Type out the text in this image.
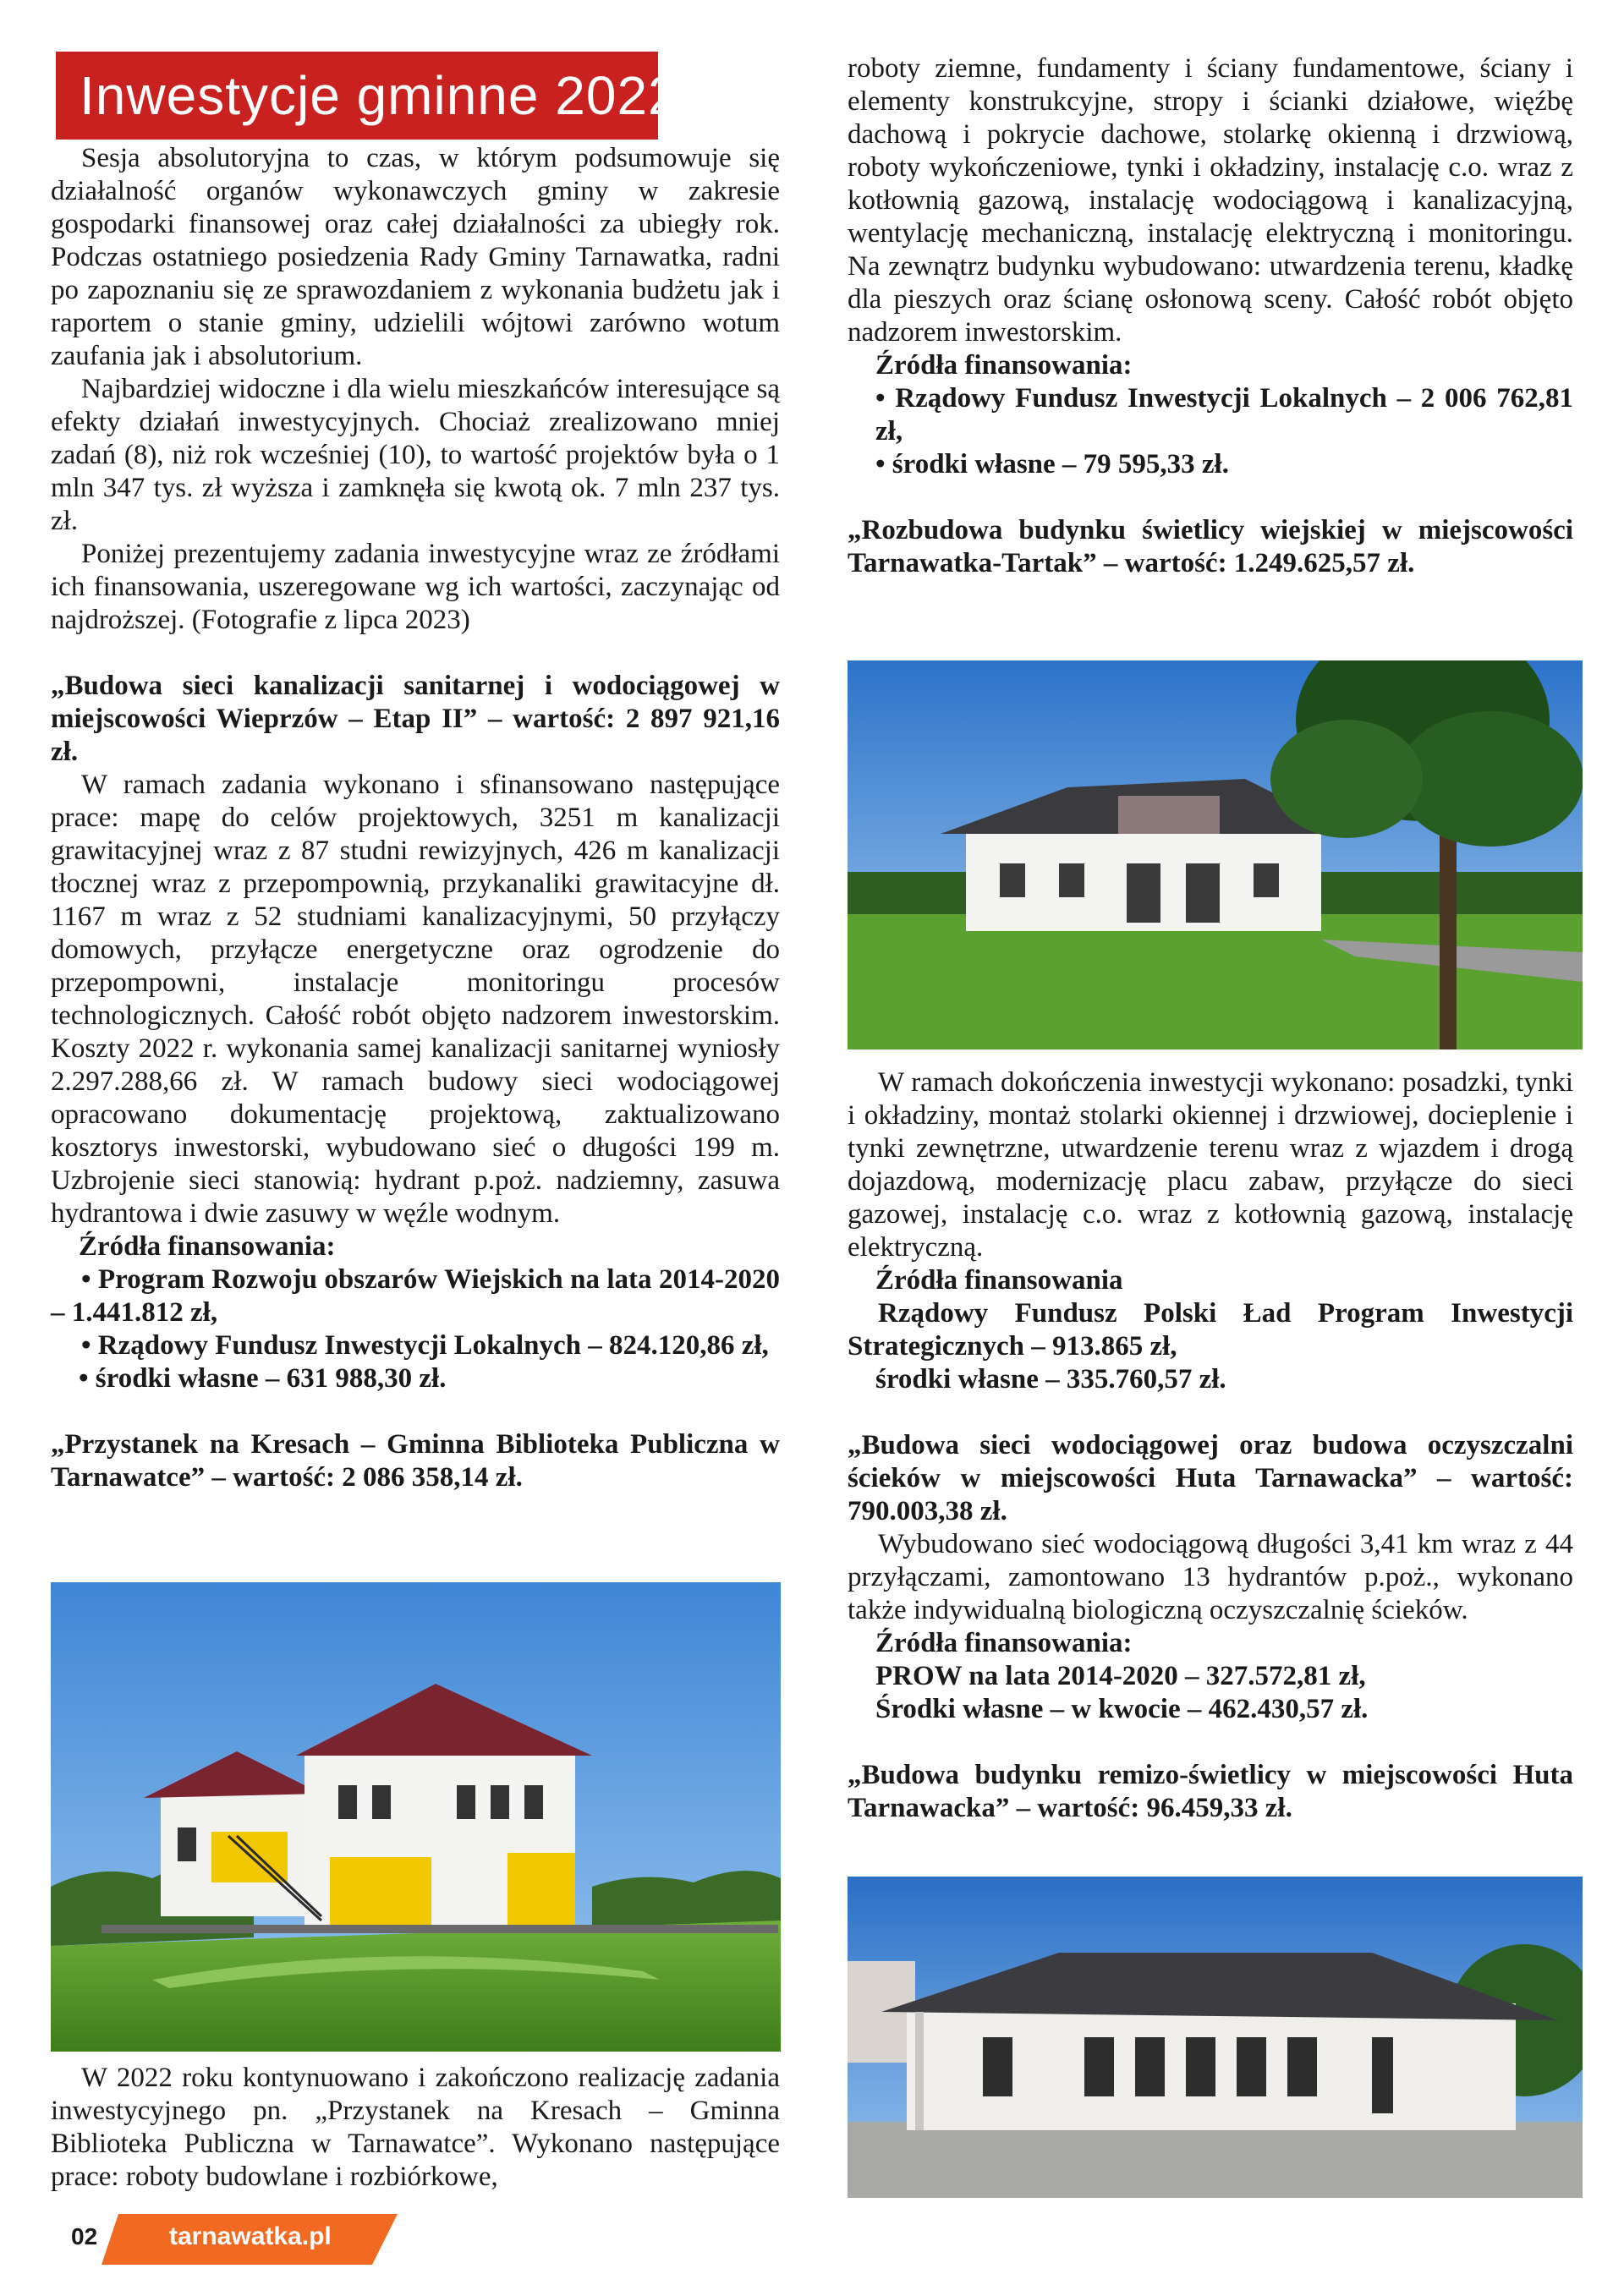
Inwestycje gminne 2022

Sesja absolutoryjna to czas, w którym podsumowuje się działalność organów wykonawczych gminy w zakresie gospodarki finansowej oraz całej działalności za ubiegły rok. Podczas ostatniego posiedzenia Rady Gminy Tarnawatka, radni po zapoznaniu się ze sprawozdaniem z wykonania budżetu jak i raportem o stanie gminy, udzielili wójtowi zarówno wotum zaufania jak i absolutorium.

Najbardziej widoczne i dla wielu mieszkańców interesujące są efekty działań inwestycyjnych. Chociaż zrealizowano mniej zadań (8), niż rok wcześniej (10), to wartość projektów była o 1 mln 347 tys. zł wyższa i zamknęła się kwotą ok. 7 mln 237 tys. zł.

Poniżej prezentujemy zadania inwestycyjne wraz ze źródłami ich finansowania, uszeregowane wg ich wartości, zaczynając od najdroższej. (Fotografie z lipca 2023)

„Budowa sieci kanalizacji sanitarnej i wodociągowej w miejscowości Wieprzów – Etap II” – wartość: 2 897 921,16 zł.

W ramach zadania wykonano i sfinansowano następujące prace: mapę do celów projektowych, 3251 m kanalizacji grawitacyjnej wraz z 87 studni rewizyjnych, 426 m kanalizacji tłocznej wraz z przepompownią, przykanaliki grawitacyjne dł. 1167 m wraz z 52 studniami kanalizacyjnymi, 50 przyłączy domowych, przyłącze energetyczne oraz ogrodzenie do przepompowni, instalacje monitoringu procesów technologicznych. Całość robót objęto nadzorem inwestorskim. Koszty 2022 r. wykonania samej kanalizacji sanitarnej wyniosły 2.297.288,66 zł. W ramach budowy sieci wodociągowej opracowano dokumentację projektową, zaktualizowano kosztorys inwestorski, wybudowano sieć o długości 199 m. Uzbrojenie sieci stanowią: hydrant p.poż. nadziemny, zasuwa hydrantowa i dwie zasuwy w węźle wodnym.

Źródła finansowania:

• Program Rozwoju obszarów Wiejskich na lata 2014-2020 – 1.441.812 zł,

• Rządowy Fundusz Inwestycji Lokalnych – 824.120,86 zł,

• środki własne – 631 988,30 zł.

„Przystanek na Kresach – Gminna Biblioteka Publiczna w Tarnawatce” – wartość: 2 086 358,14 zł.

W 2022 roku kontynuowano i zakończono realizację zadania inwestycyjnego pn. „Przystanek na Kresach – Gminna Biblioteka Publiczna w Tarnawatce”. Wykonano następujące prace: roboty budowlane i rozbiórkowe,

roboty ziemne, fundamenty i ściany fundamentowe, ściany i elementy konstrukcyjne, stropy i ścianki działowe, więźbę dachową i pokrycie dachowe, stolarkę okienną i drzwiową, roboty wykończeniowe, tynki i okładziny, instalację c.o. wraz z kotłownią gazową, instalację wodociągową i kanalizacyjną, wentylację mechaniczną, instalację elektryczną i monitoringu. Na zewnątrz budynku wybudowano: utwardzenia terenu, kładkę dla pieszych oraz ścianę osłonową sceny. Całość robót objęto nadzorem inwestorskim.

Źródła finansowania:

• Rządowy Fundusz Inwestycji Lokalnych – 2 006 762,81 zł,

• środki własne – 79 595,33 zł.

„Rozbudowa budynku świetlicy wiejskiej w miejscowości Tarnawatka-Tartak” – wartość: 1.249.625,57 zł.

W ramach dokończenia inwestycji wykonano: posadzki, tynki i okładziny, montaż stolarki okiennej i drzwiowej, docieplenie i tynki zewnętrzne, utwardzenie terenu wraz z wjazdem i drogą dojazdową, modernizację placu zabaw, przyłącze do sieci gazowej, instalację c.o. wraz z kotłownią gazową, instalację elektryczną.

Źródła finansowania

Rządowy Fundusz Polski Ład Program Inwestycji Strategicznych – 913.865 zł,

środki własne – 335.760,57 zł.

„Budowa sieci wodociągowej oraz budowa oczyszczalni ścieków w miejscowości Huta Tarnawacka” – wartość: 790.003,38 zł.

Wybudowano sieć wodociągową długości 3,41 km wraz z 44 przyłączami, zamontowano 13 hydrantów p.poż., wykonano także indywidualną biologiczną oczyszczalnię ścieków.

Źródła finansowania:

PROW na lata 2014-2020 – 327.572,81 zł,

Środki własne – w kwocie – 462.430,57 zł.

„Budowa budynku remizo-świetlicy w miejscowości Huta Tarnawacka” – wartość: 96.459,33 zł.

02	tarnawatka.pl
